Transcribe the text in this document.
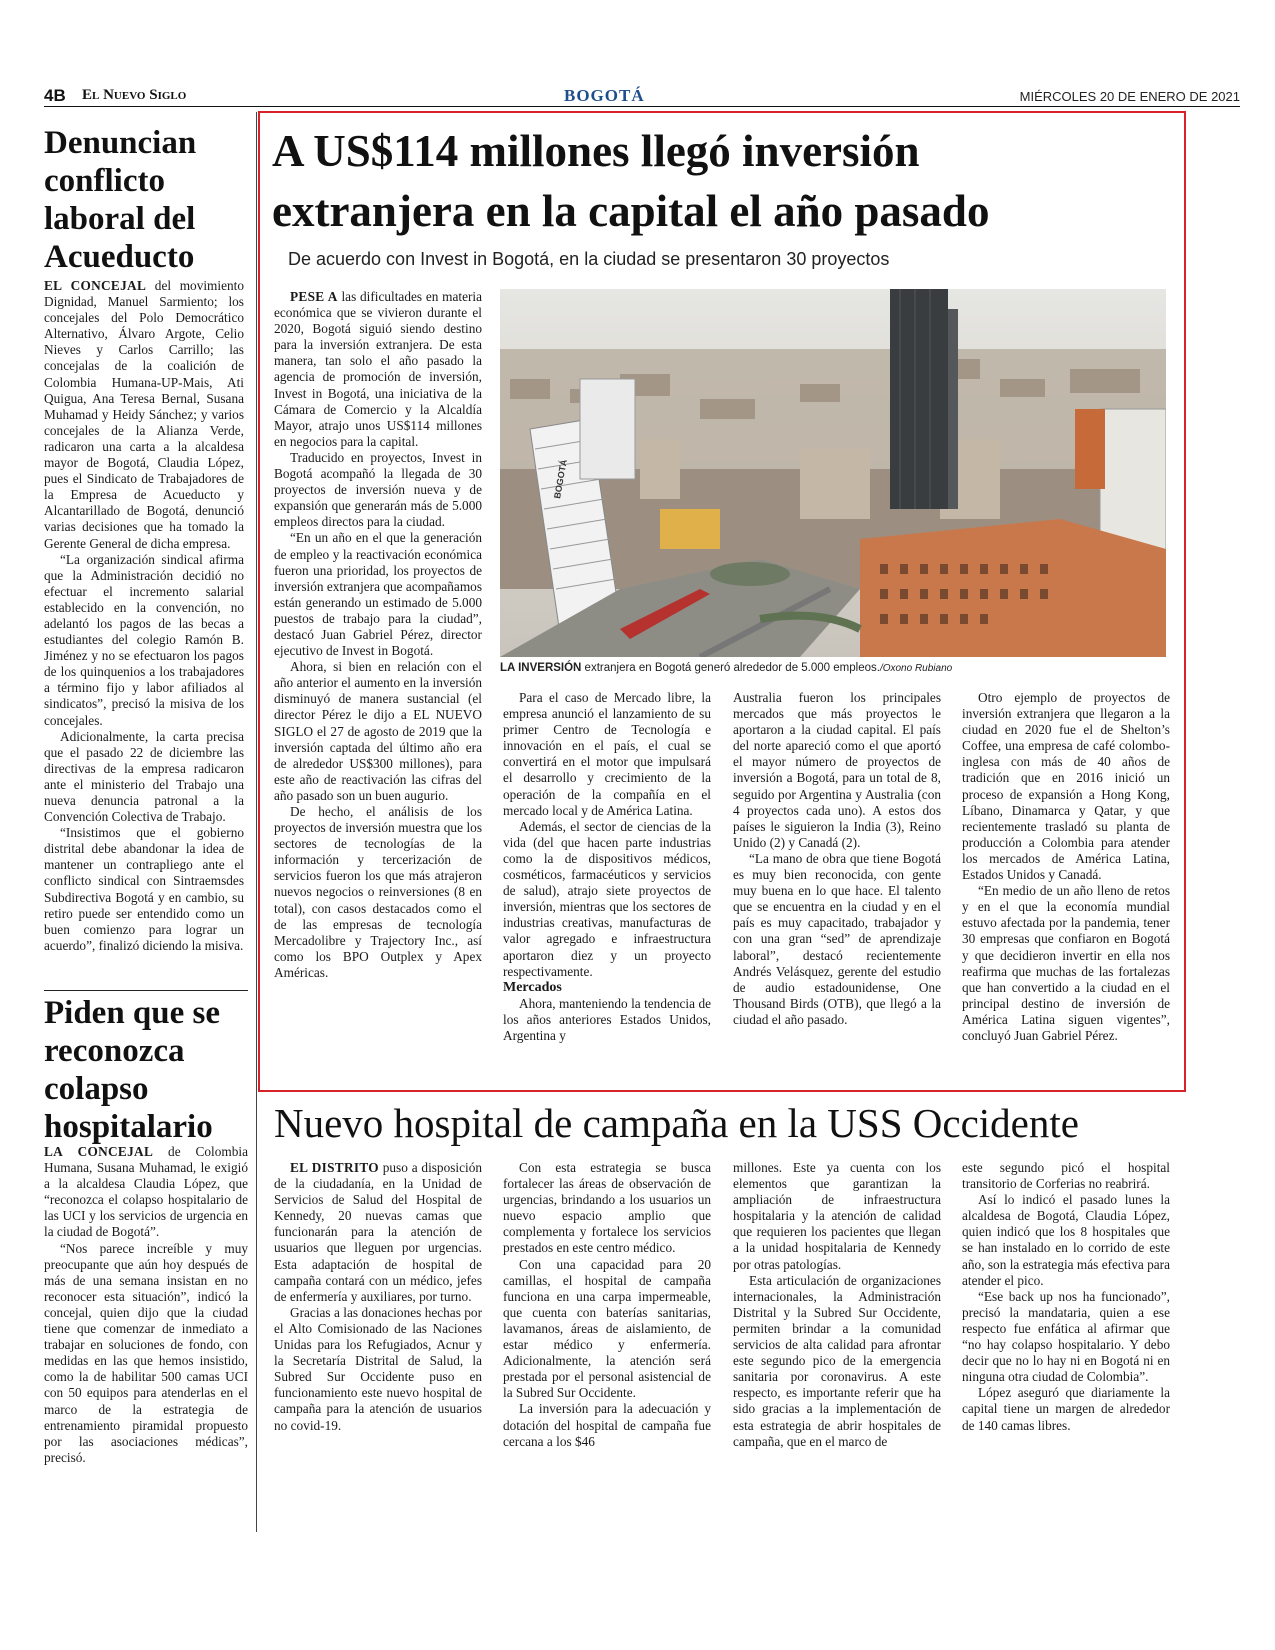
4B El Nuevo Siglo	BOGOTÁ	MIÉRCOLES 20 DE ENERO DE 2021
Denuncian conflicto laboral del Acueducto

EL CONCEJAL del movimiento Dignidad, Manuel Sarmiento; los concejales del Polo Democrático Alternativo, Álvaro Argote, Celio Nieves y Carlos Carrillo; las concejalas de la coalición de Colombia Humana-UP-Mais, Ati Quigua, Ana Teresa Bernal, Susana Muhamad y Heidy Sánchez; y varios concejales de la Alianza Verde, radicaron una carta a la alcaldesa mayor de Bogotá, Claudia López, pues el Sindicato de Trabajadores de la Empresa de Acueducto y Alcantarillado de Bogotá, denunció varias decisiones que ha tomado la Gerente General de dicha empresa.

“La organización sindical afirma que la Administración decidió no efectuar el incremento salarial establecido en la convención, no adelantó los pagos de las becas a estudiantes del colegio Ramón B. Jiménez y no se efectuaron los pagos de los quinquenios a los trabajadores a término fijo y labor afiliados al sindicatos”, precisó la misiva de los concejales.

Adicionalmente, la carta precisa que el pasado 22 de diciembre las directivas de la empresa radicaron ante el ministerio del Trabajo una nueva denuncia patronal a la Convención Colectiva de Trabajo.

“Insistimos que el gobierno distrital debe abandonar la idea de mantener un contrapliego ante el conflicto sindical con Sintraemsdes Subdirectiva Bogotá y en cambio, su retiro puede ser entendido como un buen comienzo para lograr un acuerdo”, finalizó diciendo la misiva.

Piden que se reconozca colapso hospitalario

LA CONCEJAL de Colombia Humana, Susana Muhamad, le exigió a la alcaldesa Claudia López, que “reconozca el colapso hospitalario de las UCI y los servicios de urgencia en la ciudad de Bogotá”.

“Nos parece increíble y muy preocupante que aún hoy después de más de una semana insistan en no reconocer esta situación”, indicó la concejal, quien dijo que la ciudad tiene que comenzar de inmediato a trabajar en soluciones de fondo, con medidas en las que hemos insistido, como la de habilitar 500 camas UCI con 50 equipos para atenderlas en el marco de la estrategia de entrenamiento piramidal propuesto por las asociaciones médicas”, precisó.

A US$114 millones llegó inversión
extranjera en la capital el año pasado
De acuerdo con Invest in Bogotá, en la ciudad se presentaron 30 proyectos
BOGOTÁ
LA INVERSIÓN extranjera en Bogotá generó alrededor de 5.000 empleos./Oxono Rubiano

PESE A las dificultades en materia económica que se vivieron durante el 2020, Bogotá siguió siendo destino para la inversión extranjera. De esta manera, tan solo el año pasado la agencia de promoción de inversión, Invest in Bogotá, una iniciativa de la Cámara de Comercio y la Alcaldía Mayor, atrajo unos US$114 millones en negocios para la capital.

Traducido en proyectos, Invest in Bogotá acompañó la llegada de 30 proyectos de inversión nueva y de expansión que generarán más de 5.000 empleos directos para la ciudad.

“En un año en el que la generación de empleo y la reactivación económica fueron una prioridad, los proyectos de inversión extranjera que acompañamos están generando un estimado de 5.000 puestos de trabajo para la ciudad”, destacó Juan Gabriel Pérez, director ejecutivo de Invest in Bogotá.

Ahora, si bien en relación con el año anterior el aumento en la inversión disminuyó de manera sustancial (el director Pérez le dijo a EL NUEVO SIGLO el 27 de agosto de 2019 que la inversión captada del último año era de alrededor US$300 millones), para este año de reactivación las cifras del año pasado son un buen augurio.

De hecho, el análisis de los proyectos de inversión muestra que los sectores de tecnologías de la información y tercerización de servicios fueron los que más atrajeron nuevos negocios o reinversiones (8 en total), con casos destacados como el de las empresas de tecnología Mercadolibre y Trajectory Inc., así como los BPO Outplex y Apex Américas.

Para el caso de Mercado libre, la empresa anunció el lanzamiento de su primer Centro de Tecnología e innovación en el país, el cual se convertirá en el motor que impulsará el desarrollo y crecimiento de la operación de la compañía en el mercado local y de América Latina.

Además, el sector de ciencias de la vida (del que hacen parte industrias como la de dispositivos médicos, cosméticos, farmacéuticos y servicios de salud), atrajo siete proyectos de inversión, mientras que los sectores de industrias creativas, manufacturas de valor agregado e infraestructura aportaron diez y un proyecto respectivamente.

Mercados

Ahora, manteniendo la tendencia de los años anteriores Estados Unidos, Argentina y

Australia fueron los principales mercados que más proyectos le aportaron a la ciudad capital. El país del norte apareció como el que aportó el mayor número de proyectos de inversión a Bogotá, para un total de 8, seguido por Argentina y Australia (con 4 proyectos cada uno). A estos dos países le siguieron la India (3), Reino Unido (2) y Canadá (2).

“La mano de obra que tiene Bogotá es muy bien reconocida, con gente muy buena en lo que hace. El talento que se encuentra en la ciudad y en el país es muy capacitado, trabajador y con una gran “sed” de aprendizaje laboral”, destacó recientemente Andrés Velásquez, gerente del estudio de audio estadounidense, One Thousand Birds (OTB), que llegó a la ciudad el año pasado.

Otro ejemplo de proyectos de inversión extranjera que llegaron a la ciudad en 2020 fue el de Shelton’s Coffee, una empresa de café colombo-inglesa con más de 40 años de tradición que en 2016 inició un proceso de expansión a Hong Kong, Líbano, Dinamarca y Qatar, y que recientemente trasladó su planta de producción a Colombia para atender los mercados de América Latina, Estados Unidos y Canadá.

“En medio de un año lleno de retos y en el que la economía mundial estuvo afectada por la pandemia, tener 30 empresas que confiaron en Bogotá y que decidieron invertir en ella nos reafirma que muchas de las fortalezas que han convertido a la ciudad en el principal destino de inversión de América Latina siguen vigentes”, concluyó Juan Gabriel Pérez.

Nuevo hospital de campaña en la USS Occidente

EL DISTRITO puso a disposición de la ciudadanía, en la Unidad de Servicios de Salud del Hospital de Kennedy, 20 nuevas camas que funcionarán para la atención de usuarios que lleguen por urgencias. Esta adaptación de hospital de campaña contará con un médico, jefes de enfermería y auxiliares, por turno.

Gracias a las donaciones hechas por el Alto Comisionado de las Naciones Unidas para los Refugiados, Acnur y la Secretaría Distrital de Salud, la Subred Sur Occidente puso en funcionamiento este nuevo hospital de campaña para la atención de usuarios no covid-19.

Con esta estrategia se busca fortalecer las áreas de observación de urgencias, brindando a los usuarios un nuevo espacio amplio que complementa y fortalece los servicios prestados en este centro médico.

Con una capacidad para 20 camillas, el hospital de campaña funciona en una carpa impermeable, que cuenta con baterías sanitarias, lavamanos, áreas de aislamiento, de estar médico y enfermería. Adicionalmente, la atención será prestada por el personal asistencial de la Subred Sur Occidente.

La inversión para la adecuación y dotación del hospital de campaña fue cercana a los $46

millones. Este ya cuenta con los elementos que garantizan la ampliación de infraestructura hospitalaria y la atención de calidad que requieren los pacientes que llegan a la unidad hospitalaria de Kennedy por otras patologías.

Esta articulación de organizaciones internacionales, la Administración Distrital y la Subred Sur Occidente, permiten brindar a la comunidad servicios de alta calidad para afrontar este segundo pico de la emergencia sanitaria por coronavirus. A este respecto, es importante referir que ha sido gracias a la implementación de esta estrategia de abrir hospitales de campaña, que en el marco de

este segundo picó el hospital transitorio de Corferias no reabrirá.

Así lo indicó el pasado lunes la alcaldesa de Bogotá, Claudia López, quien indicó que los 8 hospitales que se han instalado en lo corrido de este año, son la estrategia más efectiva para atender el pico.

“Ese back up nos ha funcionado”, precisó la mandataria, quien a ese respecto fue enfática al afirmar que “no hay colapso hospitalario. Y debo decir que no lo hay ni en Bogotá ni en ninguna otra ciudad de Colombia”.

López aseguró que diariamente la capital tiene un margen de alrededor de 140 camas libres.
